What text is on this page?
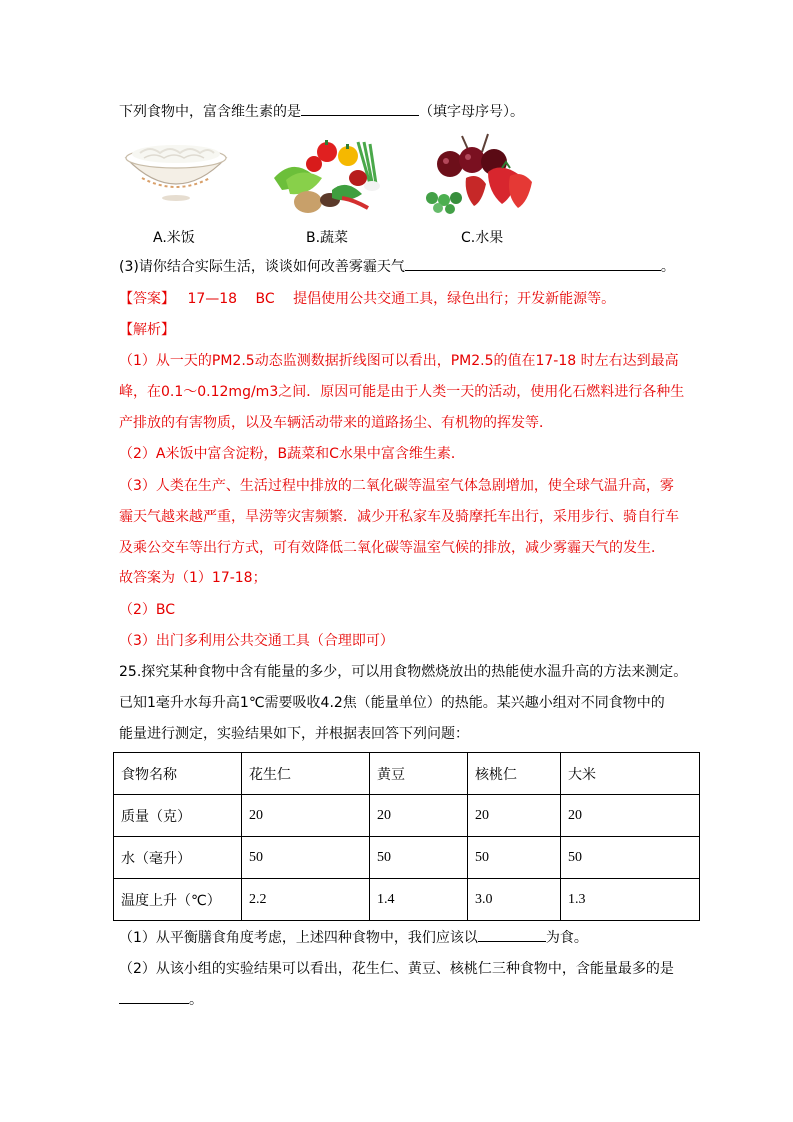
下列食物中，富含维生素的是	（填字母序号）。
A.米饭	B.蔬菜	C.水果
(3)请你结合实际生活，谈谈如何改善雾霾天气	。
【答案】 17—18　 BC　 提倡使用公共交通工具，绿色出行；开发新能源等。
【解析】
（1）从一天的PM2.5动态监测数据折线图可以看出，PM2.5的值在17-18 时左右达到最高
峰，在0.1～0.12mg/m3之间．原因可能是由于人类一天的活动，使用化石燃料进行各种生
产排放的有害物质，以及车辆活动带来的道路扬尘、有机物的挥发等．
（2）A米饭中富含淀粉，B蔬菜和C水果中富含维生素．
（3）人类在生产、生活过程中排放的二氧化碳等温室气体急剧增加，使全球气温升高，雾
霾天气越来越严重，旱涝等灾害频繁．减少开私家车及骑摩托车出行，采用步行、骑自行车
及乘公交车等出行方式，可有效降低二氧化碳等温室气候的排放，减少雾霾天气的发生．
故答案为（1）17-18；
（2）BC
（3）出门多利用公共交通工具（合理即可）
25.探究某种食物中含有能量的多少，可以用食物燃烧放出的热能使水温升高的方法来测定。
已知1毫升水每升高1℃需要吸收4.2焦（能量单位）的热能。某兴趣小组对不同食物中的
能量进行测定，实验结果如下，并根据表回答下列问题：
食物名称	花生仁	黄豆	核桃仁	大米
质量（克）	20	20	20	20
水（毫升）	50	50	50	50
温度上升（℃）	2.2	1.4	3.0	1.3
（1）从平衡膳食角度考虑，上述四种食物中，我们应该以	为食。
（2）从该小组的实验结果可以看出，花生仁、黄豆、核桃仁三种食物中，含能量最多的是
。
